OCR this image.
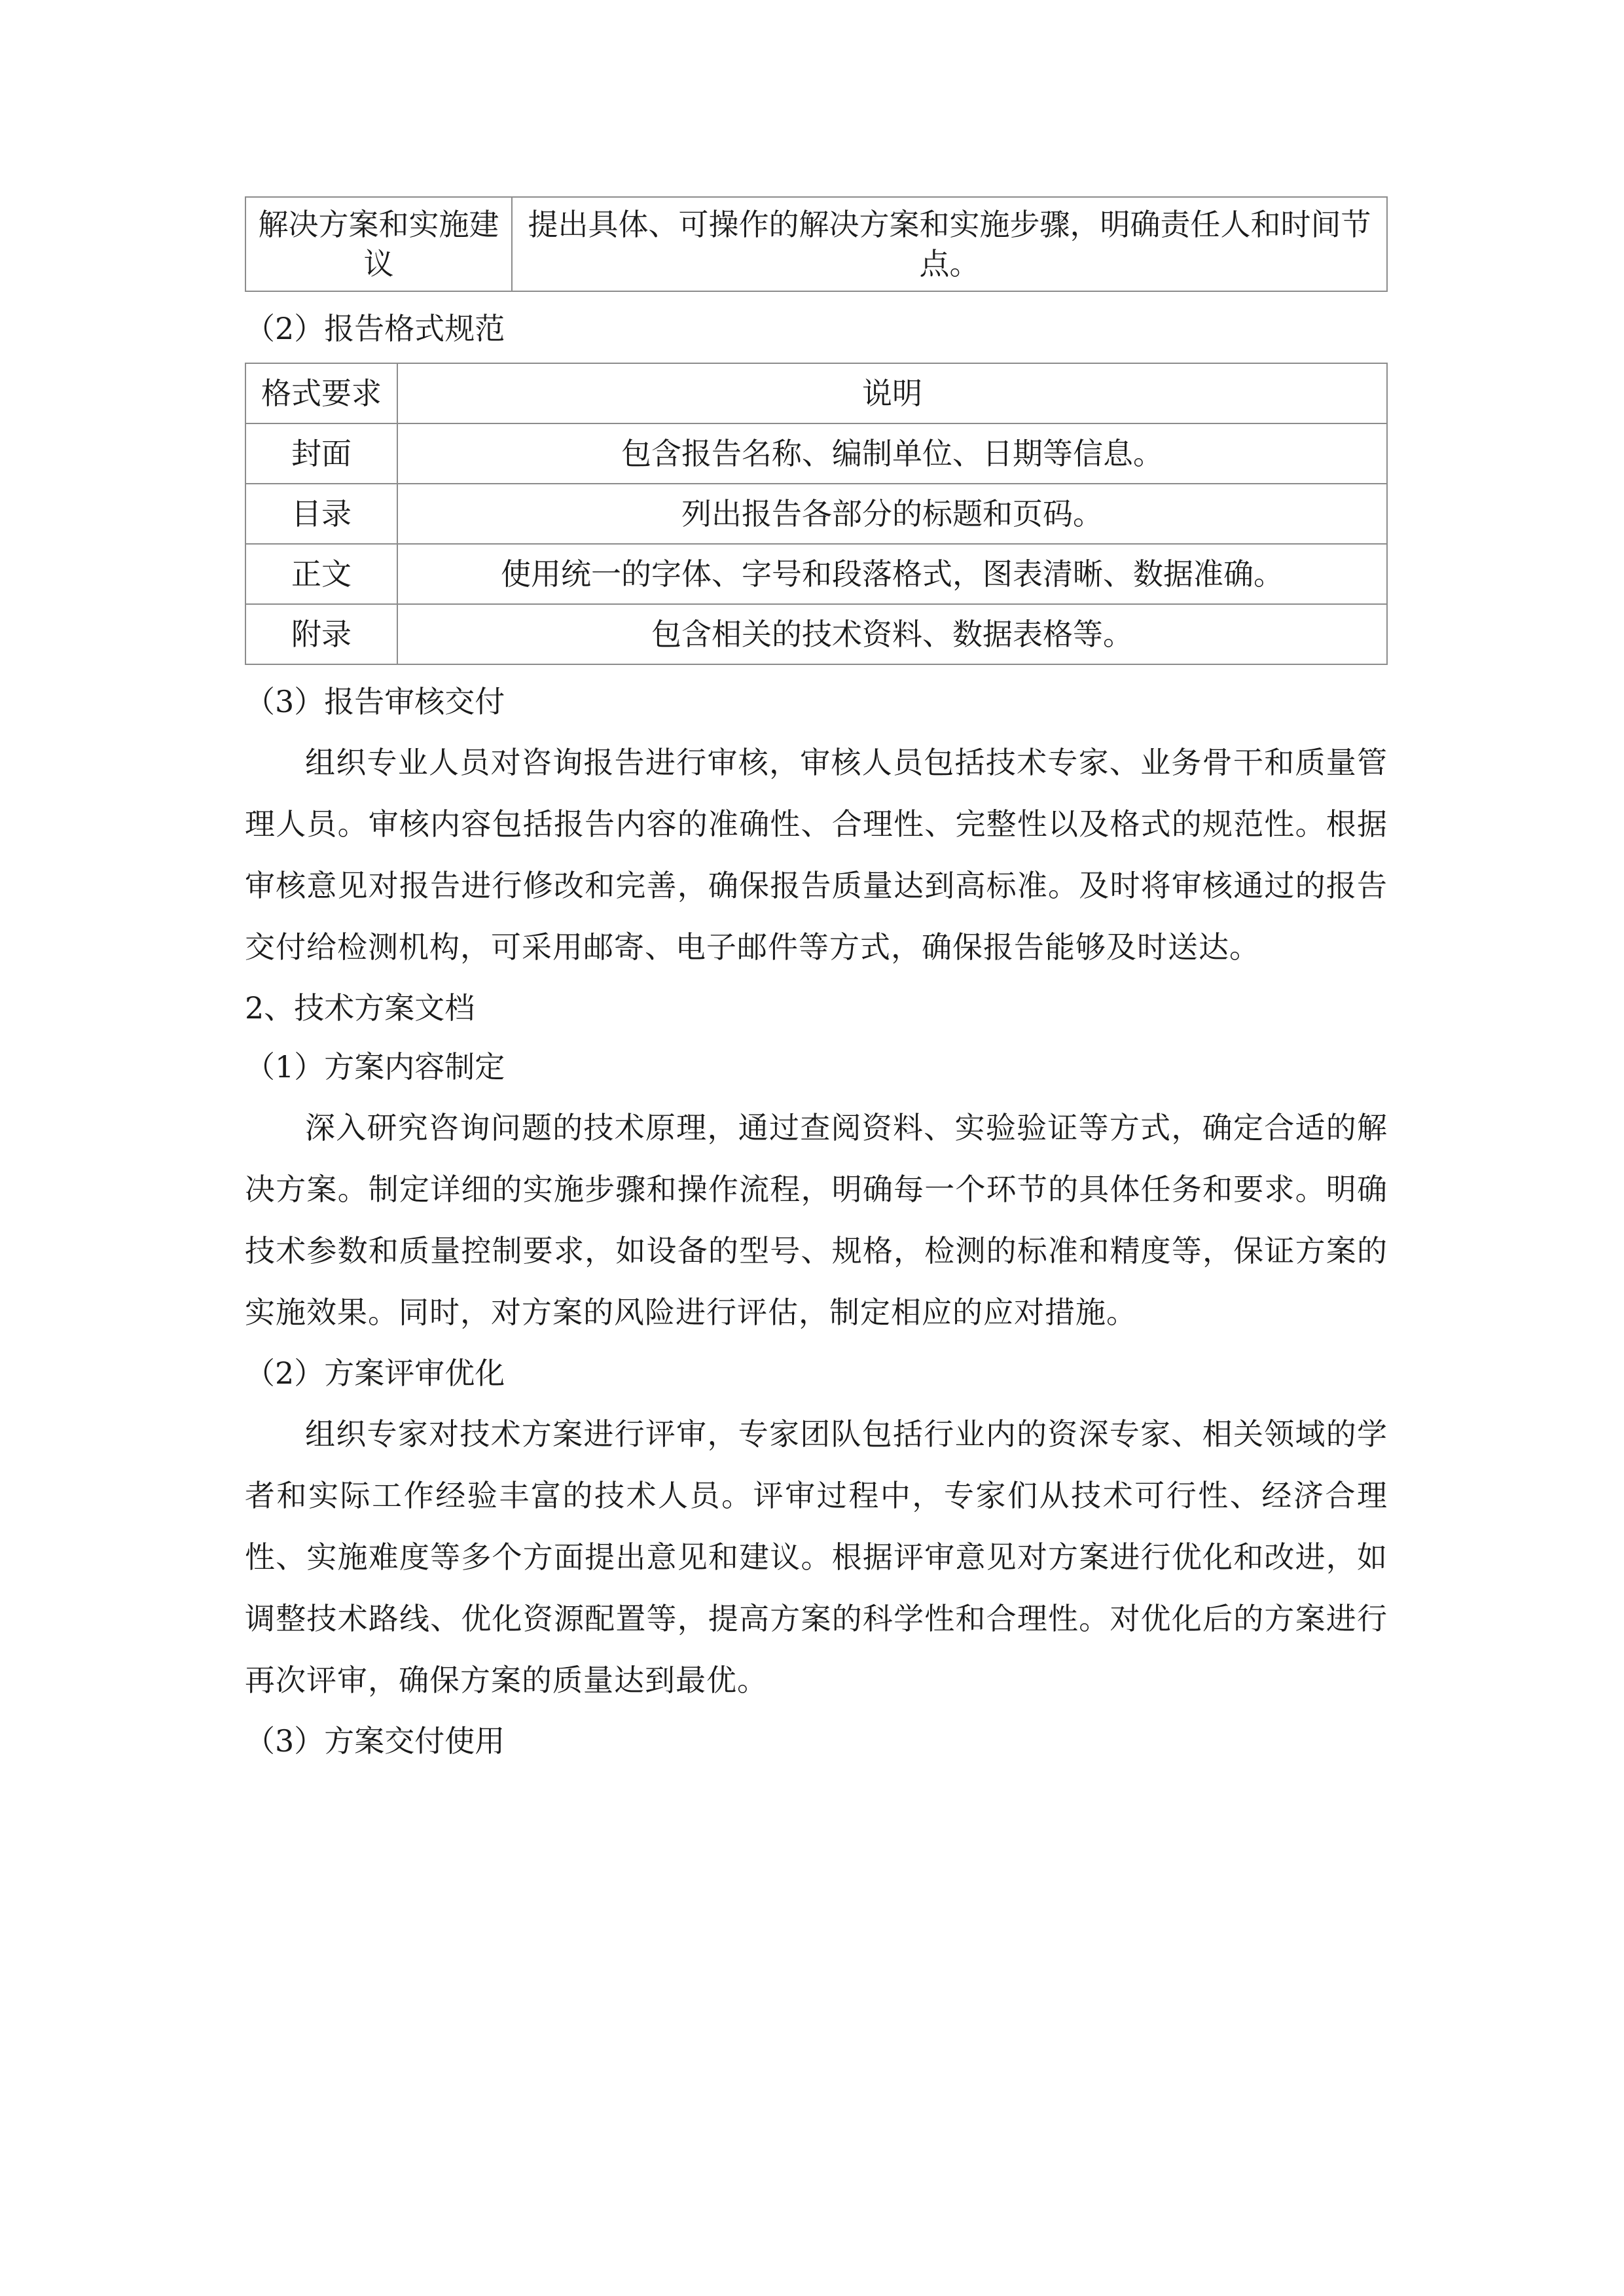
解决方案和实施建议	提出具体、可操作的解决方案和实施步骤，明确责任人和时间节点。

（2）报告格式规范

格式要求	说明
封面	包含报告名称、编制单位、日期等信息。
目录	列出报告各部分的标题和页码。
正文	使用统一的字体、字号和段落格式，图表清晰、数据准确。
附录	包含相关的技术资料、数据表格等。

（3）报告审核交付

组织专业人员对咨询报告进行审核，审核人员包括技术专家、业务骨干和质量管理人员。审核内容包括报告内容的准确性、合理性、完整性以及格式的规范性。根据审核意见对报告进行修改和完善，确保报告质量达到高标准。及时将审核通过的报告交付给检测机构，可采用邮寄、电子邮件等方式，确保报告能够及时送达。

2、技术方案文档

（1）方案内容制定

深入研究咨询问题的技术原理，通过查阅资料、实验验证等方式，确定合适的解决方案。制定详细的实施步骤和操作流程，明确每一个环节的具体任务和要求。明确技术参数和质量控制要求，如设备的型号、规格，检测的标准和精度等，保证方案的实施效果。同时，对方案的风险进行评估，制定相应的应对措施。

（2）方案评审优化

组织专家对技术方案进行评审，专家团队包括行业内的资深专家、相关领域的学者和实际工作经验丰富的技术人员。评审过程中，专家们从技术可行性、经济合理性、实施难度等多个方面提出意见和建议。根据评审意见对方案进行优化和改进，如调整技术路线、优化资源配置等，提高方案的科学性和合理性。对优化后的方案进行再次评审，确保方案的质量达到最优。

（3）方案交付使用
